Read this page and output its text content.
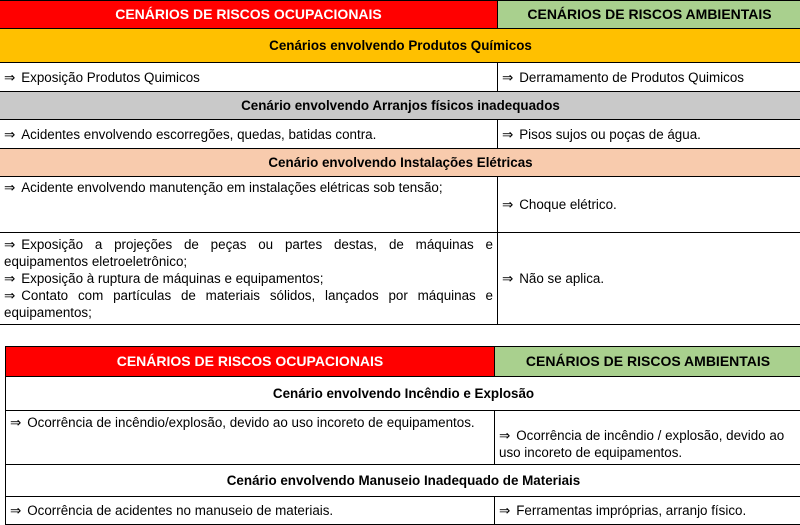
CENÁRIOS DE RISCOS OCUPACIONAIS	CENÁRIOS DE RISCOS AMBIENTAIS
Cenários envolvendo Produtos Químicos	
⇒ Exposição Produtos Quimicos	⇒ Derramamento de Produtos Quimicos
Cenário envolvendo Arranjos físicos inadequados	
⇒ Acidentes envolvendo escorregões, quedas, batidas contra.	⇒ Pisos sujos ou poças de água.
Cenário envolvendo Instalações Elétricas	
⇒ Acidente envolvendo manutenção em instalações elétricas sob tensão;	⇒ Choque elétrico.

⇒ Exposição a projeções de peças ou partes destas, de máquinas e equipamentos eletroeletrônico;
⇒ Exposição à ruptura de máquinas e equipamentos;
⇒ Contato com partículas de materiais sólidos, lançados por máquinas e equipamentos;	⇒ Não se aplica.
CENÁRIOS DE RISCOS OCUPACIONAIS	CENÁRIOS DE RISCOS AMBIENTAIS
Cenário envolvendo Incêndio e Explosão	
⇒ Ocorrência de incêndio/explosão, devido ao uso incoreto de equipamentos.	⇒ Ocorrência de incêndio / explosão, devido ao uso incoreto de equipamentos.
Cenário envolvendo Manuseio Inadequado de Materiais	
⇒ Ocorrência de acidentes no manuseio de materiais.	⇒ Ferramentas impróprias, arranjo físico.
